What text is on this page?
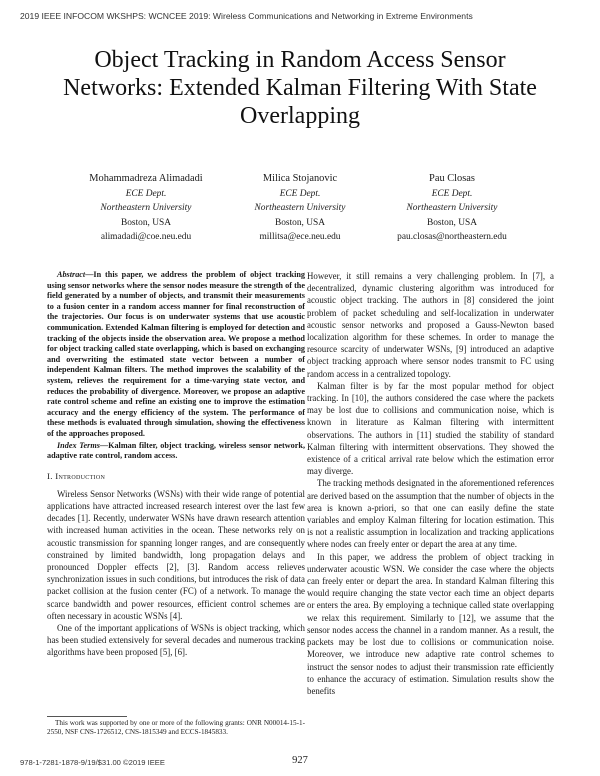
2019 IEEE INFOCOM WKSHPS: WCNCEE 2019: Wireless Communications and Networking in Extreme Environments
Object Tracking in Random Access Sensor
Networks: Extended Kalman Filtering With State
Overlapping
Mohammadreza Alimadadi
ECE Dept.
Northeastern University
Boston, USA
alimadadi@coe.neu.edu
Milica Stojanovic
ECE Dept.
Northeastern University
Boston, USA
millitsa@ece.neu.edu
Pau Closas
ECE Dept.
Northeastern University
Boston, USA
pau.closas@northeastern.edu

Abstract—In this paper, we address the problem of object tracking using sensor networks where the sensor nodes measure the strength of the field generated by a number of objects, and transmit their measurements to a fusion center in a random access manner for final reconstruction of the trajectories. Our focus is on underwater systems that use acoustic communication. Extended Kalman filtering is employed for detection and tracking of the objects inside the observation area. We propose a method for object tracking called state overlapping, which is based on exchanging and overwriting the estimated state vector between a number of independent Kalman filters. The method improves the scalability of the system, relieves the requirement for a time-varying state vector, and reduces the probability of divergence. Moreover, we propose an adaptive rate control scheme and refine an existing one to improve the estimation accuracy and the energy efficiency of the system. The performance of these methods is evaluated through simulation, showing the effectiveness of the approaches proposed.

Index Terms—Kalman filter, object tracking, wireless sensor network, adaptive rate control, random access.

I. Introduction

Wireless Sensor Networks (WSNs) with their wide range of potential applications have attracted increased research interest over the last few decades [1]. Recently, underwater WSNs have drawn research attention with increased human activities in the ocean. These networks rely on acoustic transmission for spanning longer ranges, and are consequently constrained by limited bandwidth, long propagation delays and pronounced Doppler effects [2], [3]. Random access relieves synchronization issues in such conditions, but introduces the risk of data packet collision at the fusion center (FC) of a network. To manage the scarce bandwidth and power resources, efficient control schemes are often necessary in acoustic WSNs [4].

One of the important applications of WSNs is object tracking, which has been studied extensively for several decades and numerous tracking algorithms have been proposed [5], [6].

This work was supported by one or more of the following grants: ONR N00014-15-1-2550, NSF CNS-1726512, CNS-1815349 and ECCS-1845833.

However, it still remains a very challenging problem. In [7], a decentralized, dynamic clustering algorithm was introduced for acoustic object tracking. The authors in [8] considered the joint problem of packet scheduling and self-localization in underwater acoustic sensor networks and proposed a Gauss-Newton based localization algorithm for these schemes. In order to manage the resource scarcity of underwater WSNs, [9] introduced an adaptive object tracking approach where sensor nodes transmit to FC using random access in a centralized topology.

Kalman filter is by far the most popular method for object tracking. In [10], the authors considered the case where the packets may be lost due to collisions and communication noise, which is known in literature as Kalman filtering with intermittent observations. The authors in [11] studied the stability of standard Kalman filtering with intermittent observations. They showed the existence of a critical arrival rate below which the estimation error may diverge.

The tracking methods designated in the aforementioned references are derived based on the assumption that the number of objects in the area is known a-priori, so that one can easily define the state variables and employ Kalman filtering for location estimation. This is not a realistic assumption in localization and tracking applications where nodes can freely enter or depart the area at any time.

In this paper, we address the problem of object tracking in underwater acoustic WSN. We consider the case where the objects can freely enter or depart the area. In standard Kalman filtering this would require changing the state vector each time an object departs or enters the area. By employing a technique called state overlapping we relax this requirement. Similarly to [12], we assume that the sensor nodes access the channel in a random manner. As a result, the packets may be lost due to collisions or communication noise. Moreover, we introduce new adaptive rate control schemes to instruct the sensor nodes to adjust their transmission rate efficiently to enhance the accuracy of estimation. Simulation results show the benefits

978-1-7281-1878-9/19/$31.00 ©2019 IEEE	927
